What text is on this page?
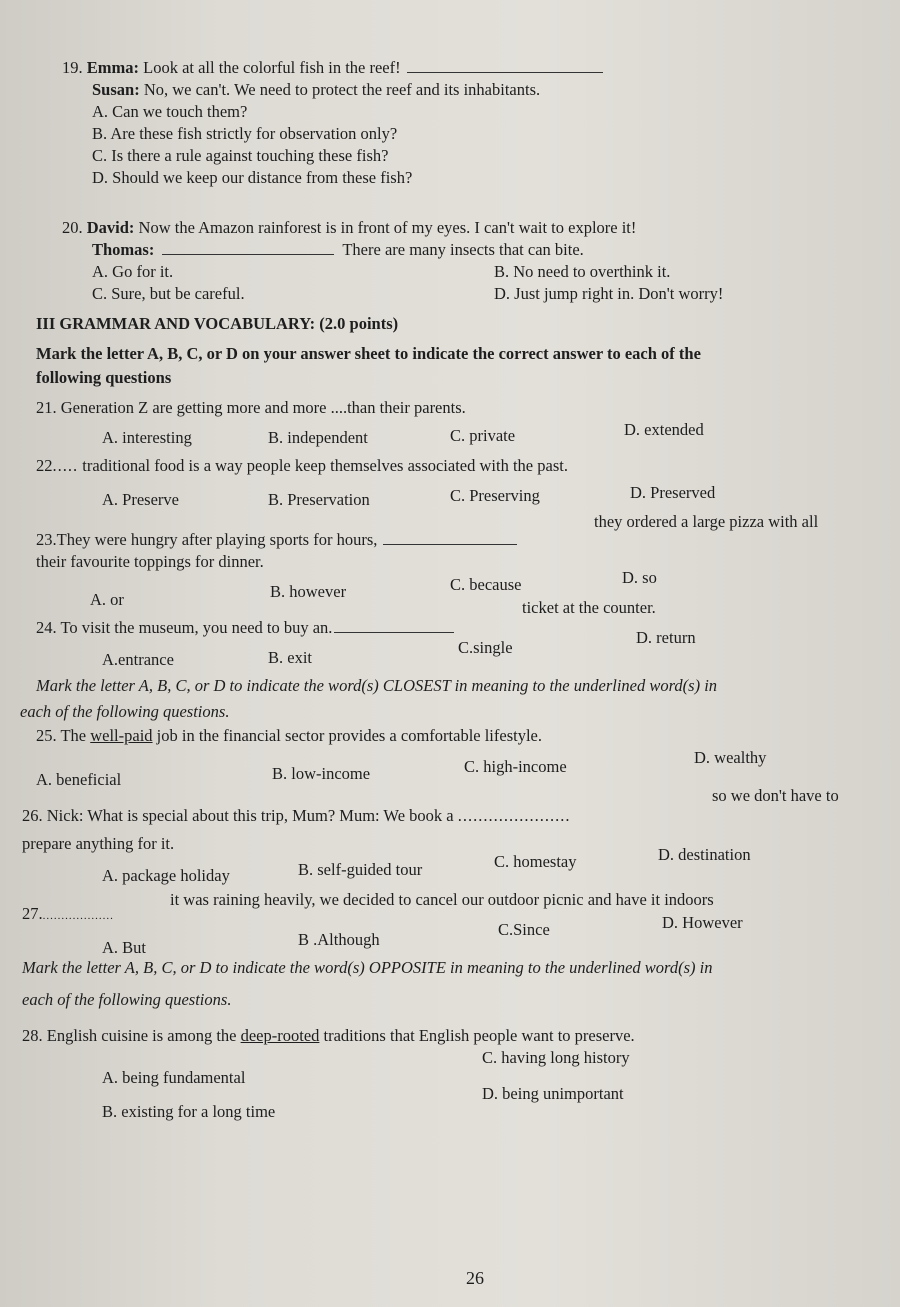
19. Emma: Look at all the colorful fish in the reef!
Susan: No, we can't. We need to protect the reef and its inhabitants.
A. Can we touch them?
B. Are these fish strictly for observation only?
C. Is there a rule against touching these fish?
D. Should we keep our distance from these fish?
20. David: Now the Amazon rainforest is in front of my eyes. I can't wait to explore it!
Thomas:	There are many insects that can bite.
A. Go for it.	B. No need to overthink it.
C. Sure, but be careful.	D. Just jump right in. Don't worry!
III GRAMMAR AND VOCABULARY: (2.0 points)
Mark the letter A, B, C, or D on your answer sheet to indicate the correct answer to each of the
following questions
21. Generation Z are getting more and more ....than their parents.
A. interesting	B. independent	C. private	D. extended
22..... traditional food is a way people keep themselves associated with the past.
A. Preserve	B. Preservation	C. Preserving	D. Preserved
23.They were hungry after playing sports for hours,
they ordered a large pizza with all
their favourite toppings for dinner.
A. or	B. however	C. because	D. so
24. To visit the museum, you need to buy an.
ticket at the counter.
A.entrance	B. exit
C.single
D. return
Mark the letter A, B, C, or D to indicate the word(s) CLOSEST in meaning to the underlined word(s) in
each of the following questions.
25. The well-paid job in the financial sector provides a comfortable lifestyle.
A. beneficial	B. low-income	C. high-income	D. wealthy
26. Nick: What is special about this trip, Mum? Mum: We book a ......................
so we don't have to
prepare anything for it.
A. package holiday	B. self-guided tour	C. homestay	D. destination
27....................
it was raining heavily, we decided to cancel our outdoor picnic and have it indoors
A. But	B .Although
C.Since	D. However
Mark the letter A, B, C, or D to indicate the word(s) OPPOSITE in meaning to the underlined word(s) in
each of the following questions.
28. English cuisine is among the deep-rooted traditions that English people want to preserve.
A. being fundamental
C. having long history
B. existing for a long time
D. being unimportant
26
